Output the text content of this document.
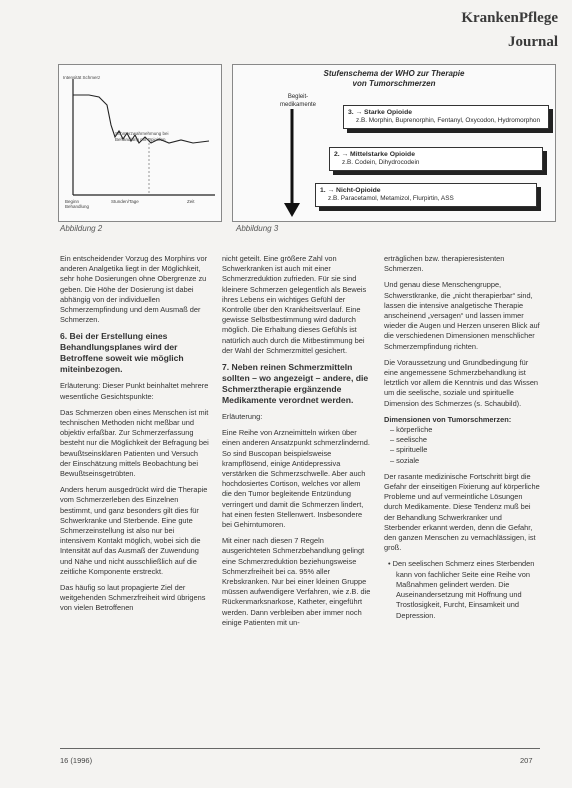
KrankenPflege
Journal
Intensität Schmerz
Schmerzwahrnehmung bei Behandlung mit Opioiden
Beginn Behandlung
Stunden/Tage	Zeit
Abbildung 2
Stufenschema der WHO zur Therapie
von Tumorschmerzen
Begleit-medikamente
3. → Starke Opioide
z.B. Morphin, Buprenorphin, Fentanyl, Oxycodon, Hydromorphon
2. → Mittelstarke Opioide
z.B. Codein, Dihydrocodein
1. → Nicht-Opioide
z.B. Paracetamol, Metamizol, Flurpirtin, ASS
Abbildung 3

Ein entscheidender Vorzug des Morphins vor anderen Analgetika liegt in der Möglichkeit, sehr hohe Dosierungen ohne Obergrenze zu geben. Die Höhe der Dosierung ist dabei abhängig von der individuellen Schmerzempfindung und dem Ausmaß der Schmerzen.

6. Bei der Erstellung eines Behandlungsplanes wird der Betroffene soweit wie möglich miteinbezogen.

Erläuterung: Dieser Punkt beinhaltet mehrere wesentliche Gesichtspunkte:

Das Schmerzen oben eines Menschen ist mit technischen Methoden nicht meßbar und objektiv erfaßbar. Zur Schmerzerfassung besteht nur die Möglichkeit der Befragung bei bewußtseinsklaren Patienten und Versuch der Einschätzung mittels Beobachtung bei Bewußtseinsgetrübten.

Anders herum ausgedrückt wird die Therapie vom Schmerzerleben des Einzelnen bestimmt, und ganz besonders gilt dies für Schwerkranke und Sterbende. Eine gute Schmerzeinstellung ist also nur bei intensivem Kontakt möglich, wobei sich die Intensität auf das Ausmaß der Zuwendung und Nähe und nicht ausschließlich auf die zeitliche Komponente erstreckt.

Das häufig so laut propagierte Ziel der weitgehenden Schmerzfreiheit wird übrigens von vielen Betroffenen

nicht geteilt. Eine größere Zahl von Schwerkranken ist auch mit einer Schmerzreduktion zufrieden. Für sie sind kleinere Schmerzen gelegentlich als Beweis ihres Lebens ein wichtiges Gefühl der Kontrolle über den Krankheitsverlauf. Eine gewisse Selbstbestimmung wird dadurch möglich. Die Erhaltung dieses Gefühls ist natürlich auch durch die Mitbestimmung bei der Wahl der Schmerzmittel gesichert.

7. Neben reinen Schmerzmitteln sollten – wo angezeigt – andere, die Schmerztherapie ergänzende Medikamente verordnet werden.

Erläuterung:

Eine Reihe von Arzneimitteln wirken über einen anderen Ansatzpunkt schmerzlindernd. So sind Buscopan beispielsweise krampflösend, einige Antidepressiva verstärken die Schmerzschwelle. Aber auch hochdosiertes Cortison, welches vor allem die den Tumor begleitende Entzündung verringert und damit die Schmerzen lindert, hat einen festen Stellenwert. Insbesondere bei Gehirntumoren.

Mit einer nach diesen 7 Regeln ausgerichteten Schmerzbehandlung gelingt eine Schmerzreduktion beziehungsweise Schmerzfreiheit bei ca. 95% aller Krebskranken. Nur bei einer kleinen Gruppe müssen aufwendigere Verfahren, wie z.B. die Rückenmarksnarkose, Katheter, eingeführt werden. Dann verbleiben aber immer noch einige Patienten mit un-

erträglichen bzw. therapieresistenten Schmerzen.

Und genau diese Menschengruppe, Schwerstkranke, die „nicht therapierbar“ sind, lassen die intensive analgetische Therapie anscheinend „versagen“ und lassen immer wieder die Augen und Herzen unseren Blick auf die verschiedenen Dimensionen menschlicher Schmerzempfindung richten.

Die Voraussetzung und Grundbedingung für eine angemessene Schmerzbehandlung ist letztlich vor allem die Kenntnis und das Wissen um die seelische, soziale und spirituelle Dimension des Schmerzes (s. Schaubild).

Dimensionen von Tumorschmerzen:

– körperliche

– seelische

– spirituelle

– soziale

Der rasante medizinische Fortschritt birgt die Gefahr der einseitigen Fixierung auf körperliche Probleme und auf vermeintliche Lösungen durch Medikamente. Diese Tendenz muß bei der Behandlung Schwerkranker und Sterbender erkannt werden, denn die Gefahr, den ganzen Menschen zu vernachlässigen, ist groß.

• Den seelischen Schmerz eines Sterbenden kann von fachlicher Seite eine Reihe von Maßnahmen gelindert werden. Die Auseinandersetzung mit Hoffnung und Trostlosigkeit, Furcht, Einsamkeit und Depression.

16 (1996)	207
